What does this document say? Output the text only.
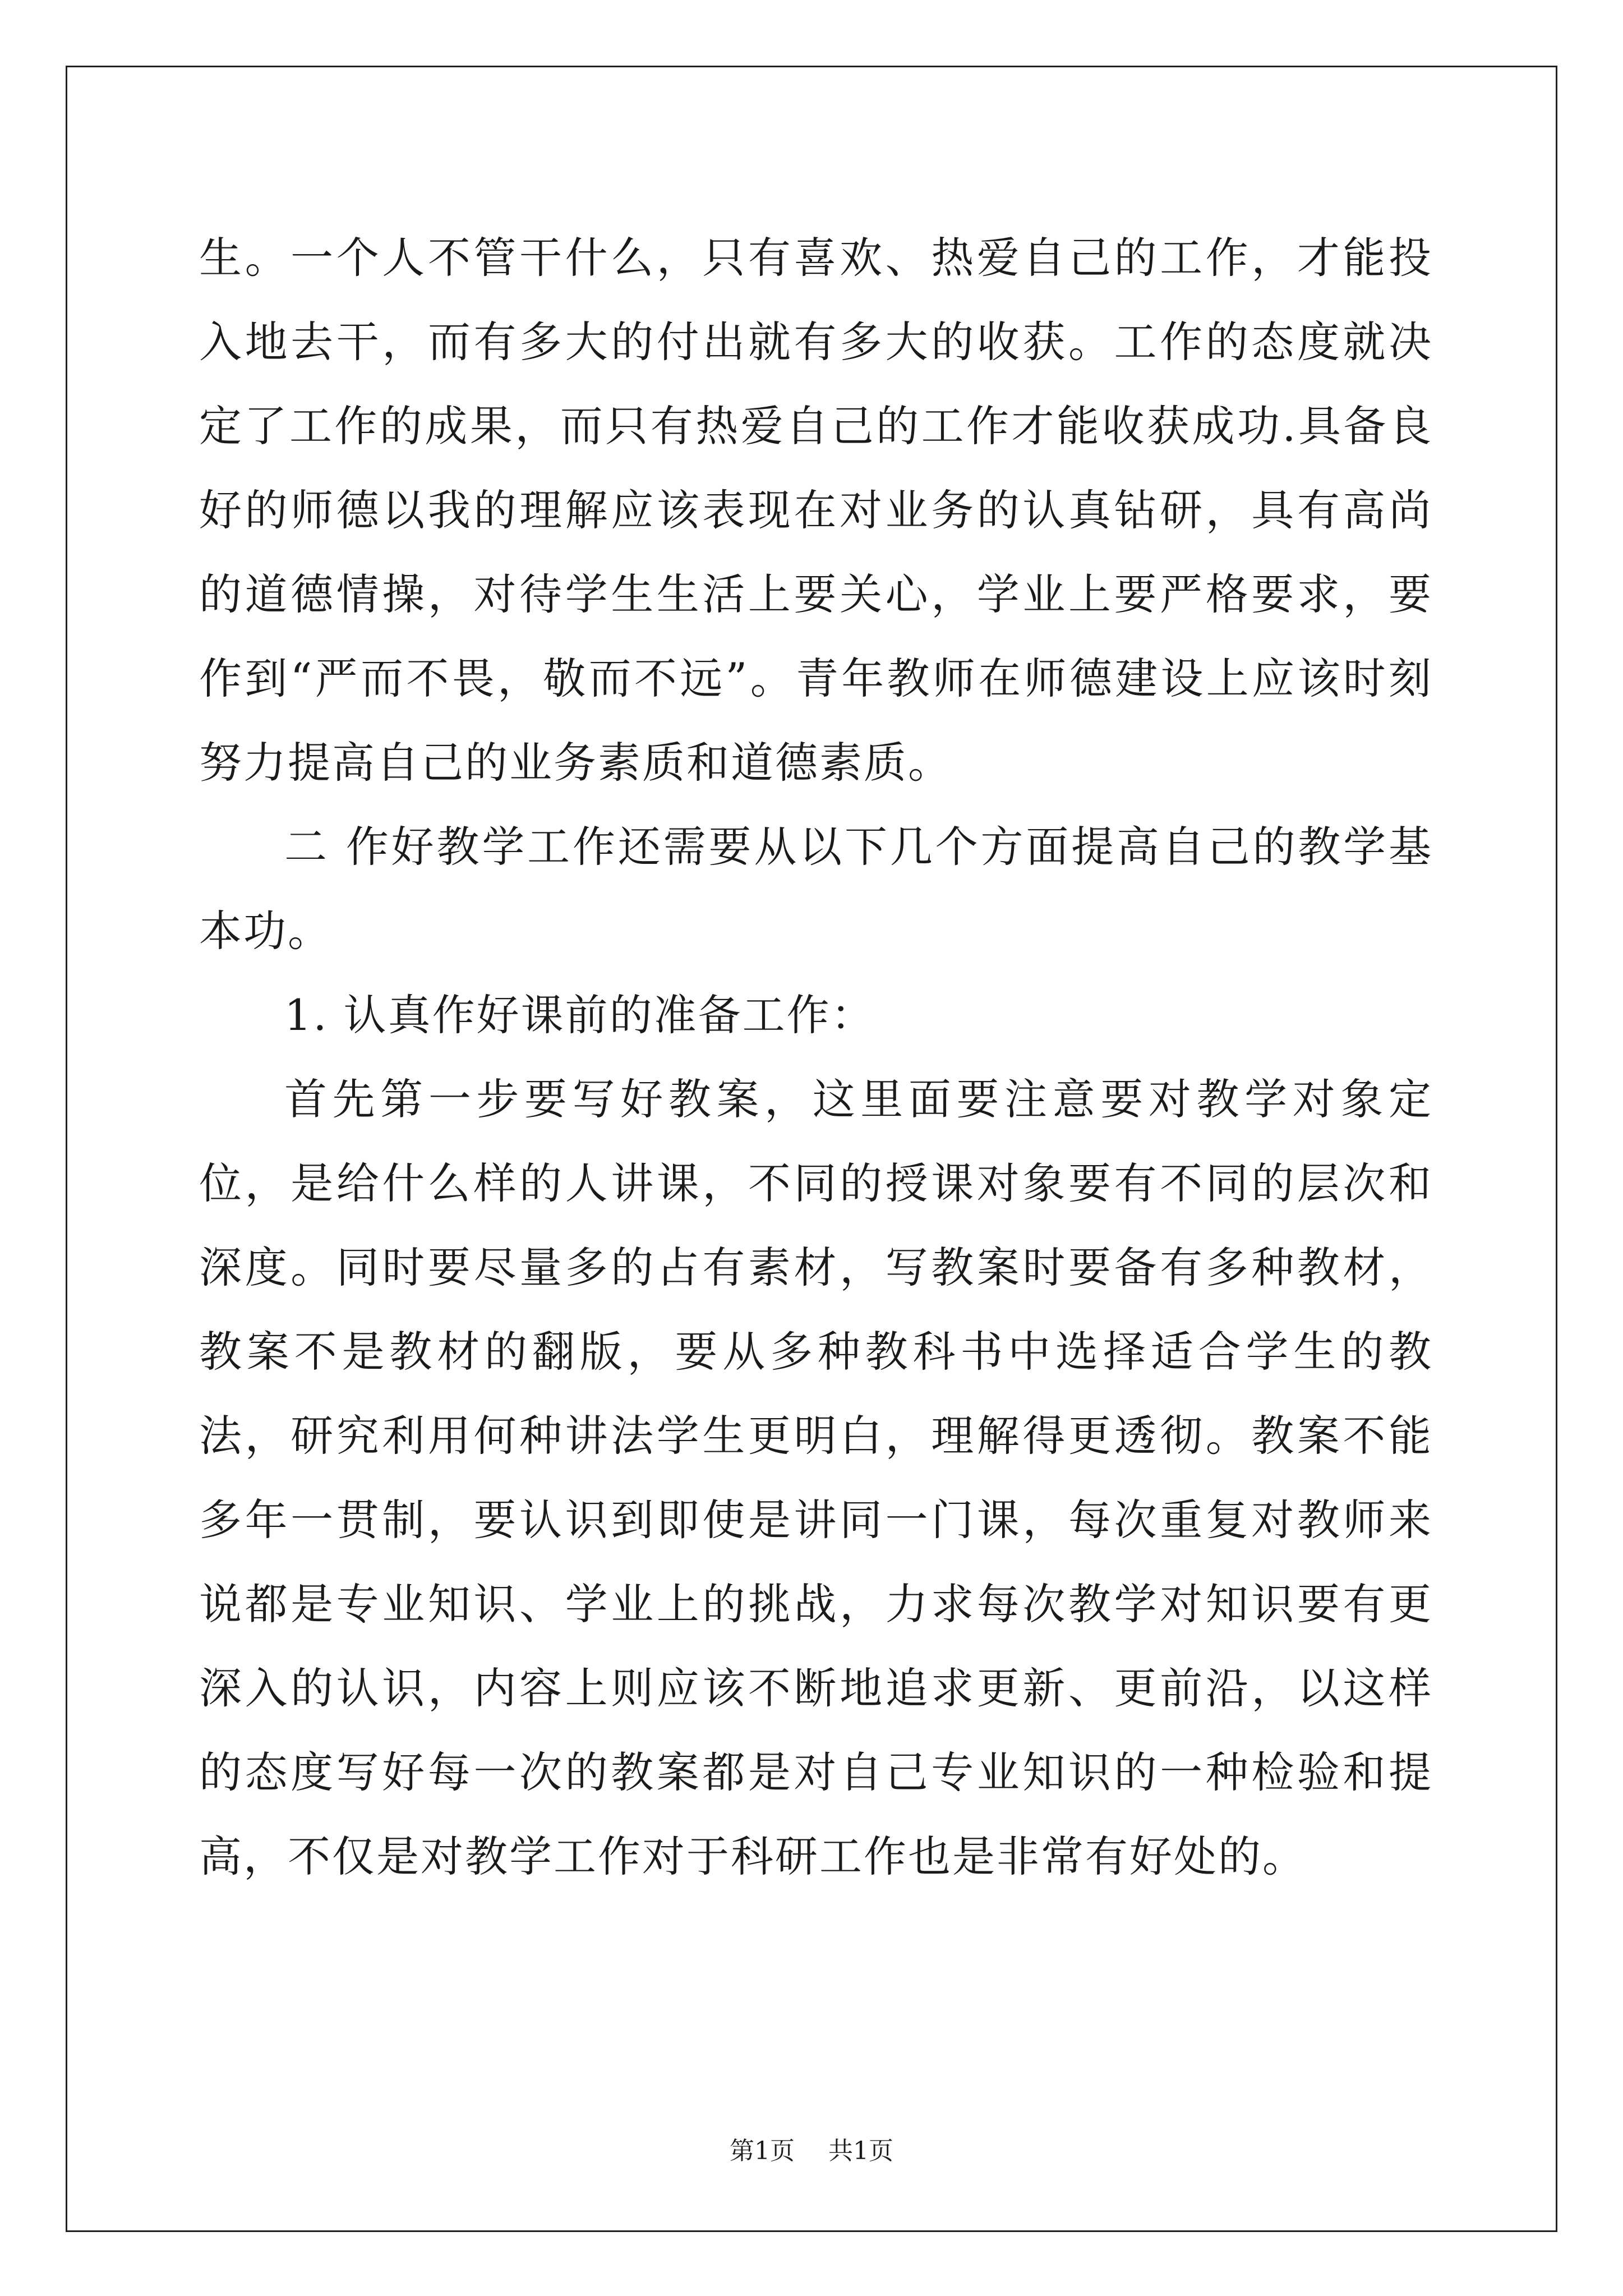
生。一个人不管干什么，只有喜欢、热爱自己的工作，才能投入地去干，而有多大的付出就有多大的收获。工作的态度就决定了工作的成果，而只有热爱自己的工作才能收获成功.具备良好的师德以我的理解应该表现在对业务的认真钻研，具有高尚的道德情操，对待学生生活上要关心，学业上要严格要求，要作到“严而不畏，敬而不远”。青年教师在师德建设上应该时刻努力提高自己的业务素质和道德素质。

二 作好教学工作还需要从以下几个方面提高自己的教学基本功。

1. 认真作好课前的准备工作：

首先第一步要写好教案，这里面要注意要对教学对象定位，是给什么样的人讲课，不同的授课对象要有不同的层次和深度。同时要尽量多的占有素材，写教案时要备有多种教材，教案不是教材的翻版，要从多种教科书中选择适合学生的教法，研究利用何种讲法学生更明白，理解得更透彻。教案不能多年一贯制，要认识到即使是讲同一门课，每次重复对教师来说都是专业知识、学业上的挑战，力求每次教学对知识要有更深入的认识，内容上则应该不断地追求更新、更前沿，以这样的态度写好每一次的教案都是对自己专业知识的一种检验和提高，不仅是对教学工作对于科研工作也是非常有好处的。

第1页 共1页
